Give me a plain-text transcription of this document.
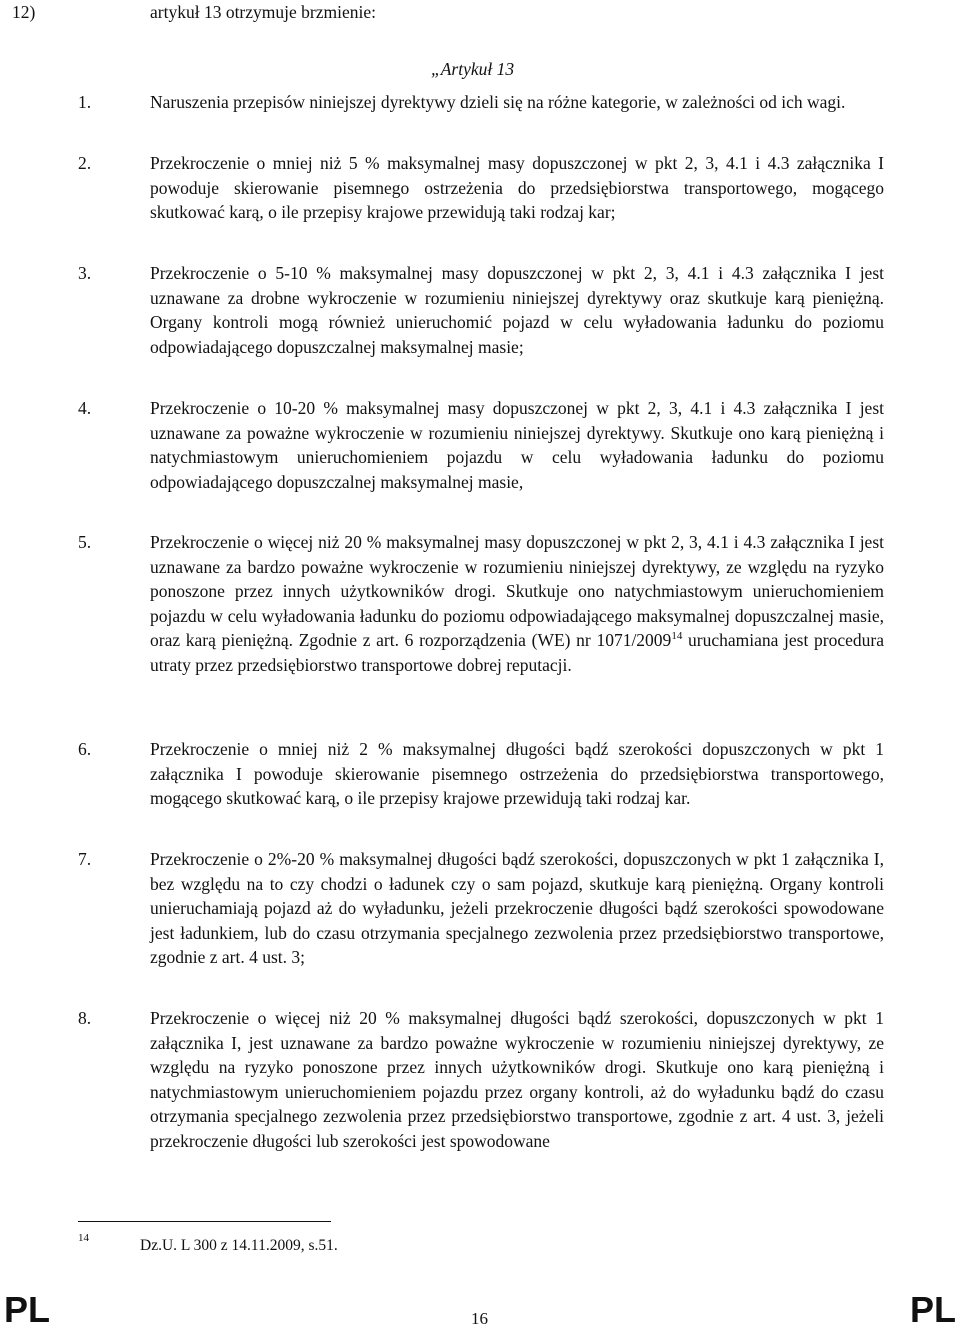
12)	artykuł 13 otrzymuje brzmienie:
„Artykuł 13
1.	Naruszenia przepisów niniejszej dyrektywy dzieli się na różne kategorie, w zależności od ich wagi.
2.	Przekroczenie o mniej niż 5 % maksymalnej masy dopuszczonej w pkt 2, 3, 4.1 i 4.3 załącznika I powoduje skierowanie pisemnego ostrzeżenia do przedsiębiorstwa transportowego, mogącego skutkować karą, o ile przepisy krajowe przewidują taki rodzaj kar;
3.	Przekroczenie o 5-10 % maksymalnej masy dopuszczonej w pkt 2, 3, 4.1 i 4.3 załącznika I jest uznawane za drobne wykroczenie w rozumieniu niniejszej dyrektywy oraz skutkuje karą pieniężną. Organy kontroli mogą również unieruchomić pojazd w celu wyładowania ładunku do poziomu odpowiadającego dopuszczalnej maksymalnej masie;
4.	Przekroczenie o 10-20 % maksymalnej masy dopuszczonej w pkt 2, 3, 4.1 i 4.3 załącznika I jest uznawane za poważne wykroczenie w rozumieniu niniejszej dyrektywy. Skutkuje ono karą pieniężną i natychmiastowym unieruchomieniem pojazdu w celu wyładowania ładunku do poziomu odpowiadającego dopuszczalnej maksymalnej masie,
5.	Przekroczenie o więcej niż 20 % maksymalnej masy dopuszczonej w pkt 2, 3, 4.1 i 4.3 załącznika I jest uznawane za bardzo poważne wykroczenie w rozumieniu niniejszej dyrektywy, ze względu na ryzyko ponoszone przez innych użytkowników drogi. Skutkuje ono natychmiastowym unieruchomieniem pojazdu w celu wyładowania ładunku do poziomu odpowiadającego maksymalnej dopuszczalnej masie, oraz karą pieniężną. Zgodnie z art. 6 rozporządzenia (WE) nr 1071/2009$^{14}$ uruchamiana jest procedura utraty przez przedsiębiorstwo transportowe dobrej reputacji.
6.	Przekroczenie o mniej niż 2 % maksymalnej długości bądź szerokości dopuszczonych w pkt 1 załącznika I powoduje skierowanie pisemnego ostrzeżenia do przedsiębiorstwa transportowego, mogącego skutkować karą, o ile przepisy krajowe przewidują taki rodzaj kar.
7.	Przekroczenie o 2%-20 % maksymalnej długości bądź szerokości, dopuszczonych w pkt 1 załącznika I, bez względu na to czy chodzi o ładunek czy o sam pojazd, skutkuje karą pieniężną. Organy kontroli unieruchamiają pojazd aż do wyładunku, jeżeli przekroczenie długości bądź szerokości spowodowane jest ładunkiem, lub do czasu otrzymania specjalnego zezwolenia przez przedsiębiorstwo transportowe, zgodnie z art. 4 ust. 3;
8.	Przekroczenie o więcej niż 20 % maksymalnej długości bądź szerokości, dopuszczonych w pkt 1 załącznika I, jest uznawane za bardzo poważne wykroczenie w rozumieniu niniejszej dyrektywy, ze względu na ryzyko ponoszone przez innych użytkowników drogi. Skutkuje ono karą pieniężną i natychmiastowym unieruchomieniem pojazdu przez organy kontroli, aż do wyładunku bądź do czasu otrzymania specjalnego zezwolenia przez przedsiębiorstwo transportowe, zgodnie z art. 4 ust. 3, jeżeli przekroczenie długości lub szerokości jest spowodowane
14	Dz.U. L 300 z 14.11.2009, s.51.
PL	16	PL
